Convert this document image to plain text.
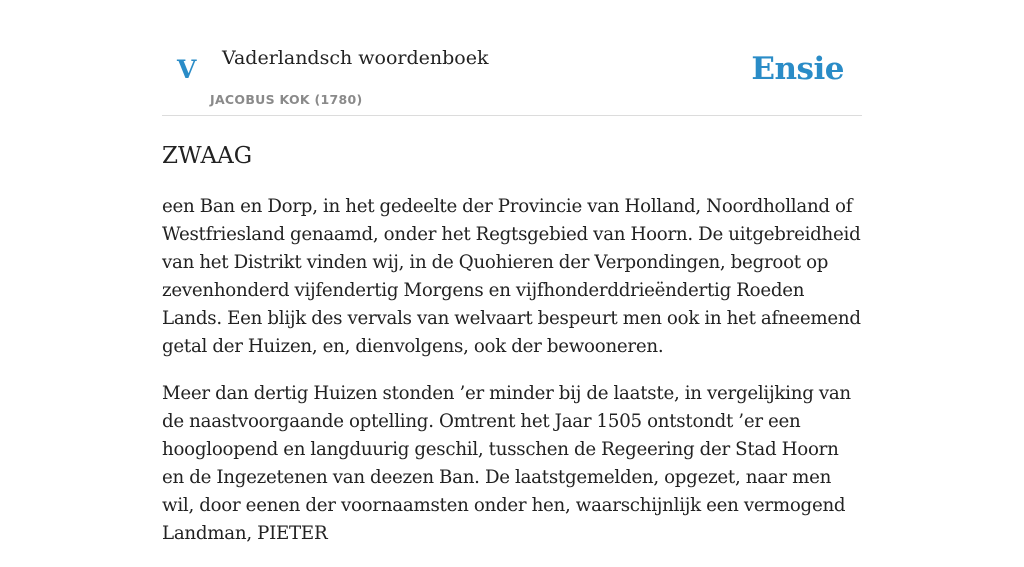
V Vaderlandsch woordenboek
JACOBUS KOK (1780)
Ensie
ZWAAG

een Ban en Dorp, in het gedeelte der Provincie van Holland, Noordholland of Westfriesland genaamd, onder het Regtsgebied van Hoorn. De uitgebreidheid van het Distrikt vinden wij, in de Quohieren der Verpondingen, begroot op zevenhonderd vijfendertig Morgens en vijfhonderddrieëndertig Roeden Lands. Een blijk des vervals van welvaart bespeurt men ook in het afneemend getal der Huizen, en, dienvolgens, ook der bewooneren.

Meer dan dertig Huizen stonden ’er minder bij de laatste, in vergelijking van de naastvoorgaande optelling. Omtrent het Jaar 1505 ontstondt ’er een hoogloopend en langduurig geschil, tusschen de Regeering der Stad Hoorn en de Ingezetenen van deezen Ban. De laatstgemelden, opgezet, naar men wil, door eenen der voornaamsten onder hen, waarschijnlijk een vermogend Landman, PIETER
